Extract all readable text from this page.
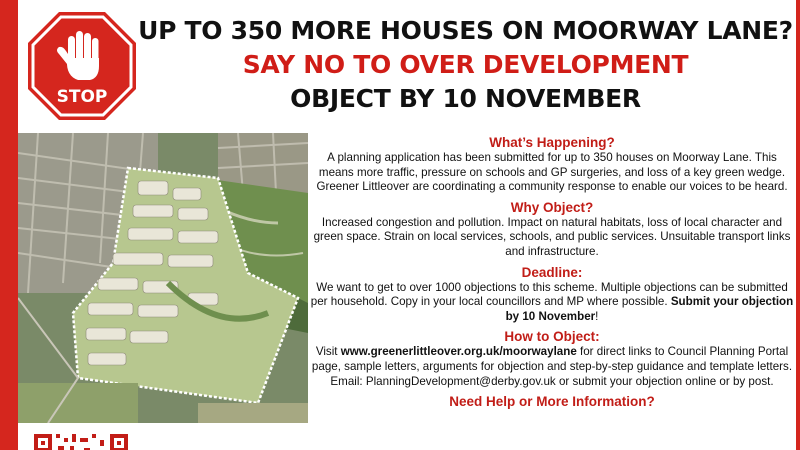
STOP
UP TO 350 MORE HOUSES ON MOORWAY LANE?
SAY NO TO OVER DEVELOPMENT
OBJECT BY 10 NOVEMBER
What’s Happening?
A planning application has been submitted for up to 350 houses on Moorway Lane. This means more traffic, pressure on schools and GP surgeries, and loss of a key green wedge. Greener Littleover are coordinating a community response to enable our voices to be heard.
Why Object?
Increased congestion and pollution. Impact on natural habitats, loss of local character and green space. Strain on local services, schools, and public services. Unsuitable transport links and infrastructure.
Deadline:
We want to get to over 1000 objections to this scheme. Multiple objections can be submitted per household. Copy in your local councillors and MP where possible. Submit your objection by 10 November!
How to Object:
Visit www.greenerlittleover.org.uk/moorwaylane for direct links to Council Planning Portal page, sample letters, arguments for objection and step-by-step guidance and template letters. Email: PlanningDevelopment@derby.gov.uk or submit your objection online or by post.
Need Help or More Information?
